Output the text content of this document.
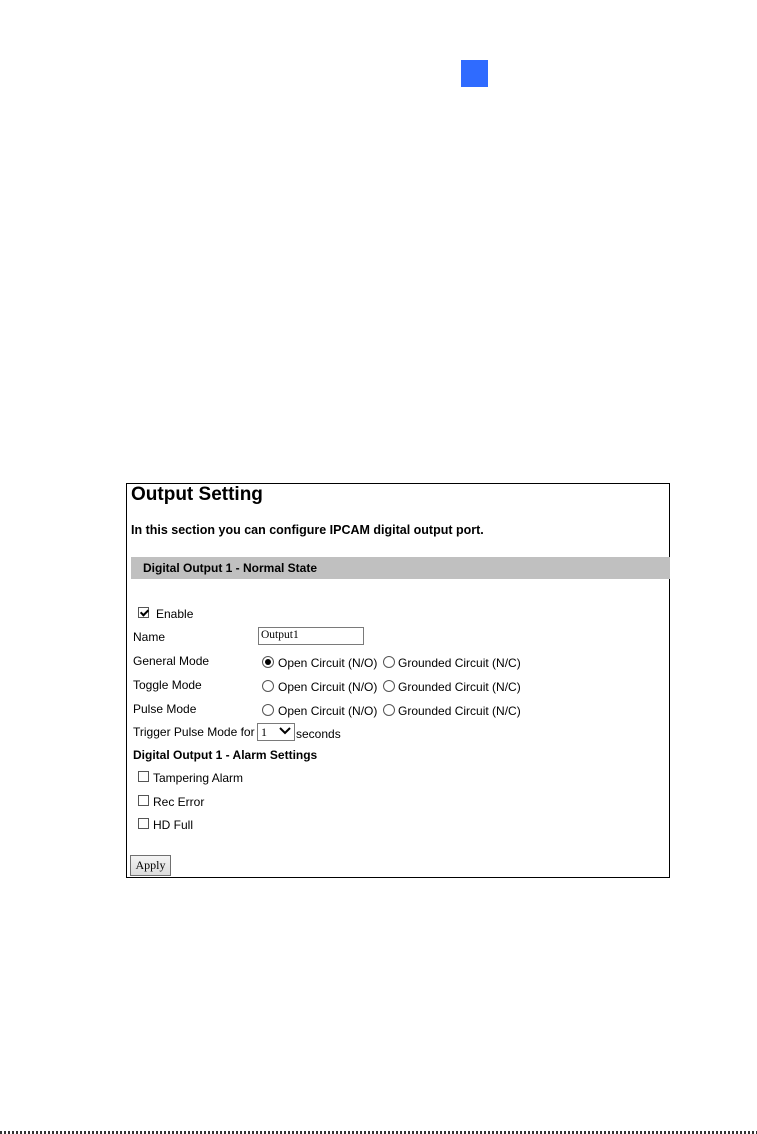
Output Setting
In this section you can configure IPCAM digital output port.
Digital Output 1 - Normal State
Enable
Name	Output1
General Mode	Open Circuit (N/O) Grounded Circuit (N/C)
Toggle Mode	Open Circuit (N/O) Grounded Circuit (N/C)
Pulse Mode	Open Circuit (N/O) Grounded Circuit (N/C)
Trigger Pulse Mode for 1 seconds
Digital Output 1 - Alarm Settings
Tampering Alarm
Rec Error
HD Full
Apply
